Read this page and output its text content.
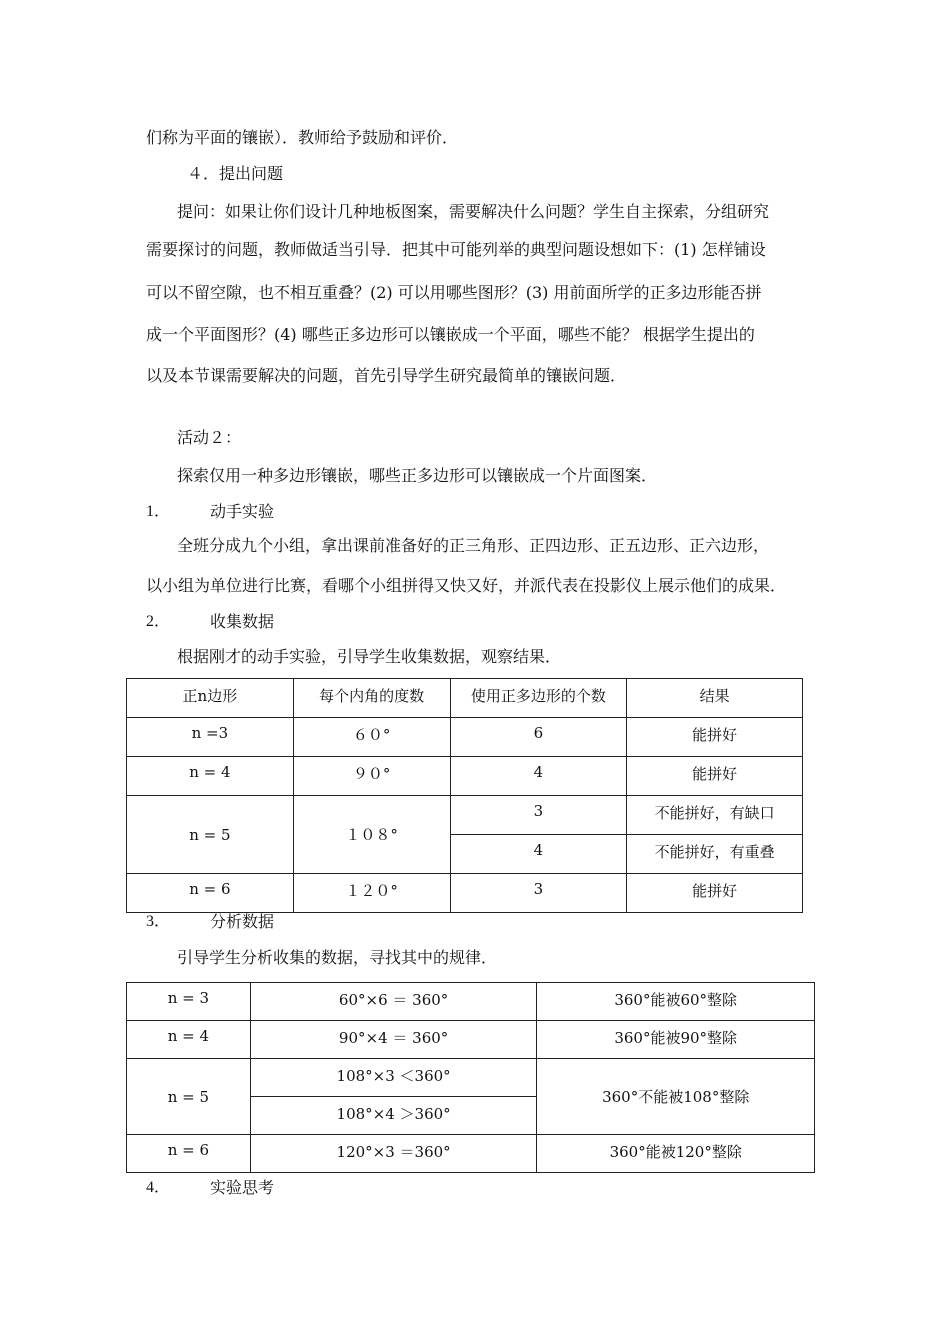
们称为平面的镶嵌）．教师给予鼓励和评价．
４．提出问题
提问：如果让你们设计几种地板图案，需要解决什么问题？学生自主探索，分组研究
需要探讨的问题，教师做适当引导．把其中可能列举的典型问题设想如下：(1) 怎样铺设
可以不留空隙，也不相互重叠？(2) 可以用哪些图形？(3) 用前面所学的正多边形能否拼
成一个平面图形？(4) 哪些正多边形可以镶嵌成一个平面，哪些不能？ 根据学生提出的
以及本节课需要解决的问题，首先引导学生研究最简单的镶嵌问题．
活动２：
探索仅用一种多边形镶嵌，哪些正多边形可以镶嵌成一个片面图案．
1． 动手实验
全班分成九个小组，拿出课前准备好的正三角形、正四边形、正五边形、正六边形，
以小组为单位进行比赛，看哪个小组拼得又快又好，并派代表在投影仪上展示他们的成果．
2． 收集数据
根据刚才的动手实验，引导学生收集数据，观察结果．
正n边形	每个内角的度数	使用正多边形的个数	结果
n =3	６０°	6	能拼好
n = 4	９０°	4	能拼好
n = 5	１０８°	3	不能拼好，有缺口
		4	不能拼好，有重叠
n = 6	１２０°	3	能拼好
3． 分析数据
引导学生分析收集的数据，寻找其中的规律．
n = 3	60°×6 ＝ 360°	360°能被60°整除
n = 4	90°×4 ＝ 360°	360°能被90°整除
n = 5	108°×3 ＜360°	360°不能被108°整除
	108°×4 ＞360°	
n = 6	120°×3 ＝360°	360°能被120°整除
4． 实验思考
